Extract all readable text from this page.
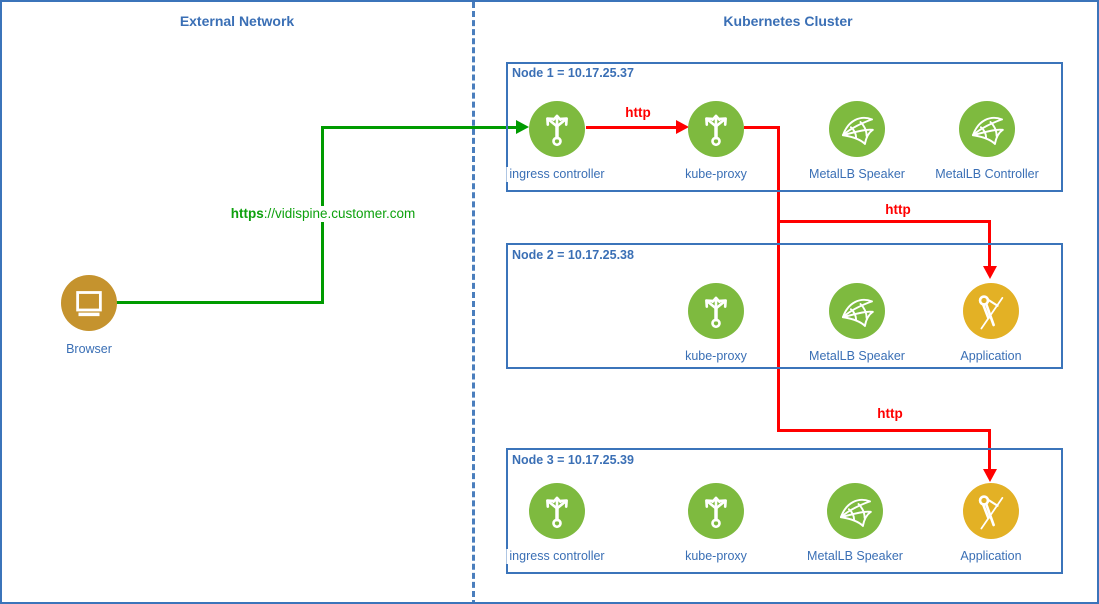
External Network	Kubernetes Cluster
https://vidispine.customer.com
http
http
http
Browser
Node 1 = 10.17.25.37
ingress controller	kube-proxy	MetalLB Speaker MetalLB Controller
Node 2 = 10.17.25.38
kube-proxy	MetalLB Speaker	Application
Node 3 = 10.17.25.39
ingress controller	kube-proxy	MetalLB Speaker	Application
